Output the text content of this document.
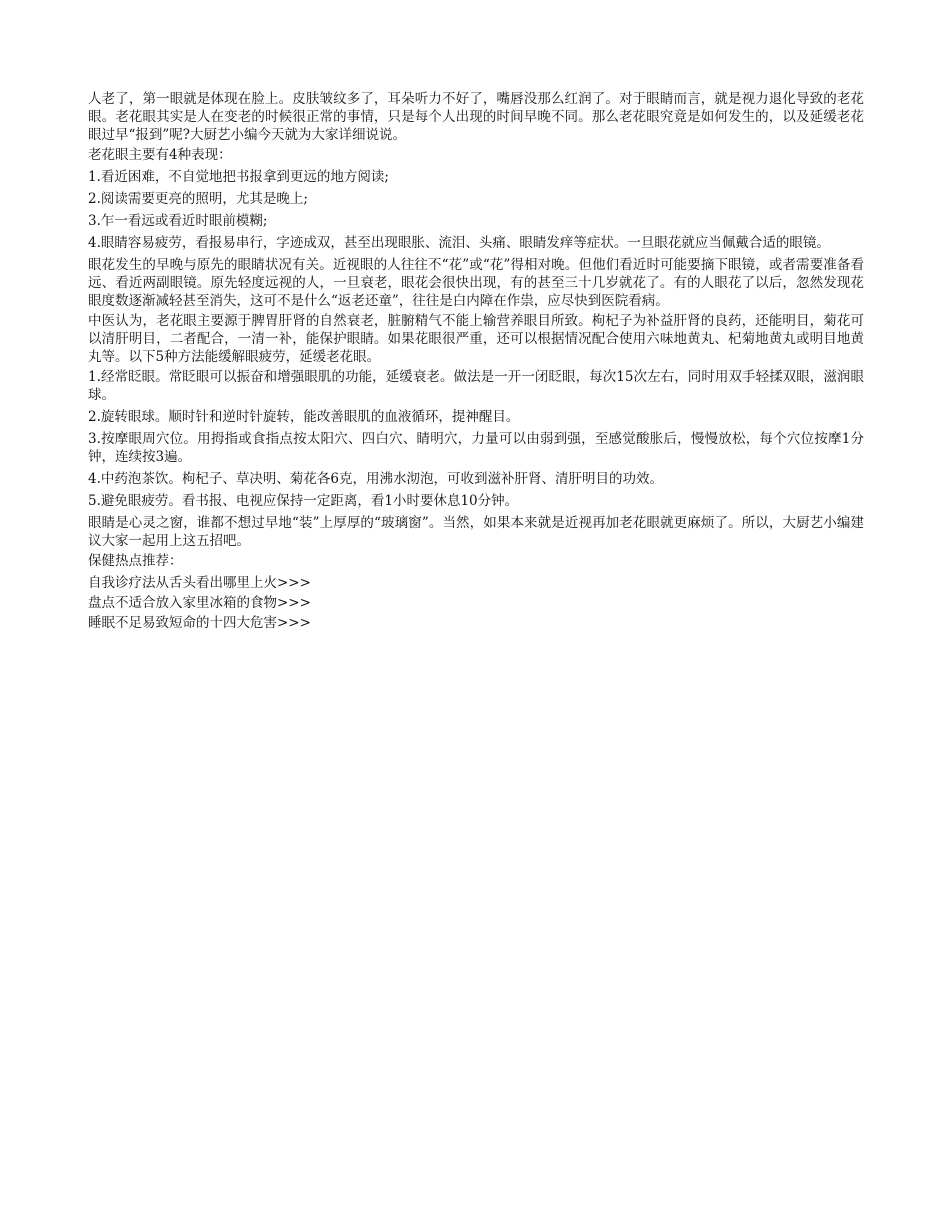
人老了，第一眼就是体现在脸上。皮肤皱纹多了，耳朵听力不好了，嘴唇没那么红润了。对于眼睛而言，就是视力退化导致的老花眼。老花眼其实是人在变老的时候很正常的事情，只是每个人出现的时间早晚不同。那么老花眼究竟是如何发生的，以及延缓老花眼过早“报到”呢?大厨艺小编今天就为大家详细说说。

老花眼主要有4种表现：

1.看近困难，不自觉地把书报拿到更远的地方阅读;

2.阅读需要更亮的照明，尤其是晚上;

3.乍一看远或看近时眼前模糊;

4.眼睛容易疲劳，看报易串行，字迹成双，甚至出现眼胀、流泪、头痛、眼睛发痒等症状。一旦眼花就应当佩戴合适的眼镜。

眼花发生的早晚与原先的眼睛状况有关。近视眼的人往往不“花”或“花”得相对晚。但他们看近时可能要摘下眼镜，或者需要准备看远、看近两副眼镜。原先轻度远视的人，一旦衰老，眼花会很快出现，有的甚至三十几岁就花了。有的人眼花了以后，忽然发现花眼度数逐渐减轻甚至消失，这可不是什么“返老还童”，往往是白内障在作祟，应尽快到医院看病。

中医认为，老花眼主要源于脾胃肝肾的自然衰老，脏腑精气不能上输营养眼目所致。枸杞子为补益肝肾的良药，还能明目，菊花可以清肝明目，二者配合，一清一补，能保护眼睛。如果花眼很严重，还可以根据情况配合使用六味地黄丸、杞菊地黄丸或明目地黄丸等。以下5种方法能缓解眼疲劳，延缓老花眼。

1.经常眨眼。常眨眼可以振奋和增强眼肌的功能，延缓衰老。做法是一开一闭眨眼，每次15次左右，同时用双手轻揉双眼，滋润眼球。

2.旋转眼球。顺时针和逆时针旋转，能改善眼肌的血液循环，提神醒目。

3.按摩眼周穴位。用拇指或食指点按太阳穴、四白穴、睛明穴，力量可以由弱到强，至感觉酸胀后，慢慢放松，每个穴位按摩1分钟，连续按3遍。

4.中药泡茶饮。枸杞子、草决明、菊花各6克，用沸水沏泡，可收到滋补肝肾、清肝明目的功效。

5.避免眼疲劳。看书报、电视应保持一定距离，看1小时要休息10分钟。

眼睛是心灵之窗，谁都不想过早地“装”上厚厚的“玻璃窗”。当然，如果本来就是近视再加老花眼就更麻烦了。所以，大厨艺小编建议大家一起用上这五招吧。

保健热点推荐：

自我诊疗法从舌头看出哪里上火>>>
盘点不适合放入家里冰箱的食物>>>
睡眠不足易致短命的十四大危害>>>
